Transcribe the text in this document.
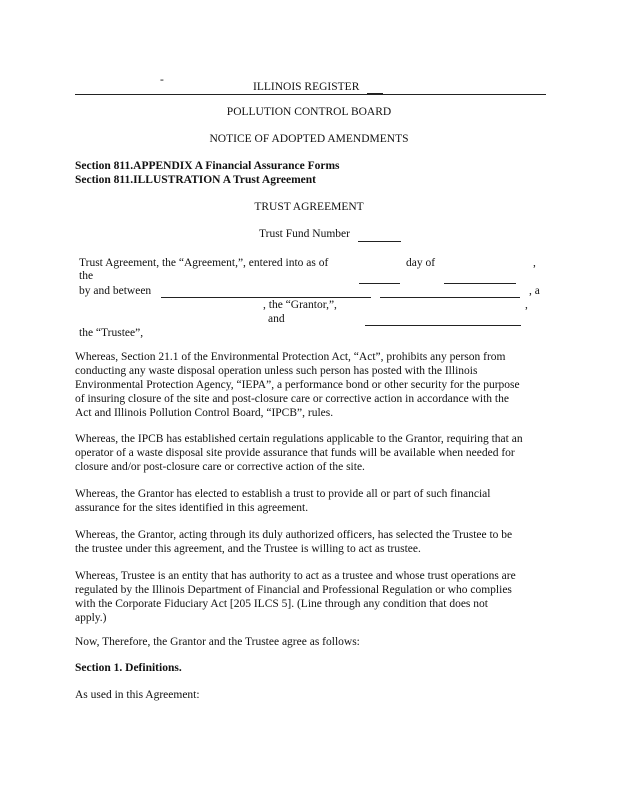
-
ILLINOIS REGISTER
POLLUTION CONTROL BOARD
NOTICE OF ADOPTED AMENDMENTS
Section 811.APPENDIX A Financial Assurance Forms
Section 811.ILLUSTRATION A Trust Agreement
TRUST AGREEMENT
Trust Fund Number
Trust Agreement, the “Agreement,”, entered into as of	day of	,
the
by and between	, a
, the “Grantor,”,	,
and
the “Trustee”,
Whereas, Section 21.1 of the Environmental Protection Act, “Act”, prohibits any person from
conducting any waste disposal operation unless such person has posted with the Illinois
Environmental Protection Agency, “IEPA”, a performance bond or other security for the purpose
of insuring closure of the site and post-closure care or corrective action in accordance with the
Act and Illinois Pollution Control Board, “IPCB”, rules.
Whereas, the IPCB has established certain regulations applicable to the Grantor, requiring that an
operator of a waste disposal site provide assurance that funds will be available when needed for
closure and/or post-closure care or corrective action of the site.
Whereas, the Grantor has elected to establish a trust to provide all or part of such financial
assurance for the sites identified in this agreement.
Whereas, the Grantor, acting through its duly authorized officers, has selected the Trustee to be
the trustee under this agreement, and the Trustee is willing to act as trustee.
Whereas, Trustee is an entity that has authority to act as a trustee and whose trust operations are
regulated by the Illinois Department of Financial and Professional Regulation or who complies
with the Corporate Fiduciary Act [205 ILCS 5]. (Line through any condition that does not
apply.)
Now, Therefore, the Grantor and the Trustee agree as follows:
Section 1. Definitions.
As used in this Agreement:
